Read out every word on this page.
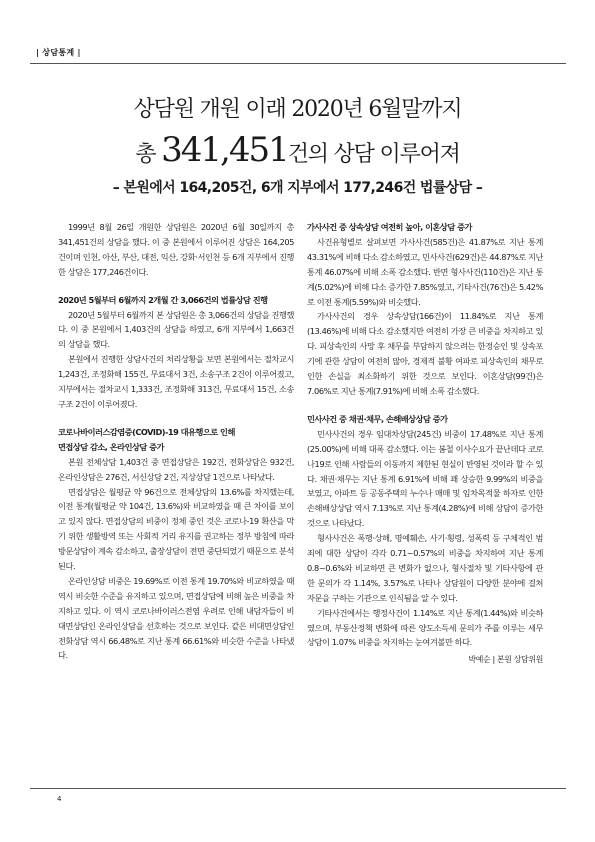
| 상담통계 |
상담원 개원 이래 2020년 6월말까지
총 341,451건의 상담 이루어져
– 본원에서 164,205건, 6개 지부에서 177,246건 법률상담 –

1999년 8월 26일 개원한 상담원은 2020년 6월 30일까지 총 341,451건의 상담을 했다. 이 중 본원에서 이루어진 상담은 164,205건이며 인천, 아산, 부산, 대전, 익산, 강화·서인천 등 6개 지부에서 진행한 상담은 177,246건이다.

2020년 5월부터 6월까지 2개월 간 3,066건의 법률상담 진행

2020년 5월부터 6월까지 본 상담원은 총 3,066건의 상담을 진행했다. 이 중 본원에서 1,403건의 상담을 하였고, 6개 지부에서 1,663건의 상담을 했다.

본원에서 진행한 상담사건의 처리상황을 보면 본원에서는 절차교시 1,243건, 조정화해 155건, 무료대서 3건, 소송구조 2건이 이루어졌고, 지부에서는 절차교시 1,333건, 조정화해 313건, 무료대서 15건, 소송구조 2건이 이루어졌다.

코로나바이러스감염증(COVID)-19 대유행으로 인해
면접상담 감소, 온라인상담 증가

본원 전체상담 1,403건 중 면접상담은 192건, 전화상담은 932건, 온라인상담은 276건, 서신상담 2건, 지상상담 1건으로 나타났다.

면접상담은 월평균 약 96건으로 전체상담의 13.6%를 차지했는데, 이전 통계(월평균 약 104건, 13.6%)와 비교하였을 때 큰 차이를 보이고 있지 않다. 면접상담의 비중이 정체 중인 것은 코로나-19 확산을 막기 위한 생활방역 또는 사회적 거리 유지를 권고하는 정부 방침에 따라 방문상담이 계속 감소하고, 출장상담이 전면 중단되었기 때문으로 분석된다.

온라인상담 비중은 19.69%로 이전 통계 19.70%와 비교하였을 때 역시 비슷한 수준을 유지하고 있으며, 면접상담에 비해 높은 비중을 차지하고 있다. 이 역시 코로나바이러스전염 우려로 인해 내담자들이 비대면상담인 온라인상담을 선호하는 것으로 보인다. 같은 비대면상담인 전화상담 역시 66.48%로 지난 통계 66.61%와 비슷한 수준을 나타냈다.

가사사건 중 상속상담 여전히 높아, 이혼상담 증가

사건유형별로 살펴보면 가사사건(585건)은 41.87%로 지난 통계 43.31%에 비해 다소 감소하였고, 민사사건(629건)은 44.87%로 지난 통계 46.07%에 비해 소폭 감소했다. 반면 형사사건(110건)은 지난 통계(5.02%)에 비해 다소 증가한 7.85%였고, 기타사건(76건)은 5.42%로 이전 통계(5.59%)와 비슷했다.

가사사건의 경우 상속상담(166건)이 11.84%로 지난 통계(13.46%)에 비해 다소 감소했지만 여전히 가장 큰 비중을 차지하고 있다. 피상속인의 사망 후 채무를 부담하지 않으려는 한정승인 및 상속포기에 관한 상담이 여전히 많아, 경제적 불황 여파로 피상속인의 채무로 인한 손실을 최소화하기 위한 것으로 보인다. 이혼상담(99건)은 7.06%로 지난 통계(7.91%)에 비해 소폭 감소했다.

민사사건 중 채권·채무, 손해배상상담 증가

민사사건의 경우 임대차상담(245건) 비중이 17.48%로 지난 통계(25.00%)에 비해 대폭 감소했다. 이는 봄철 이사수요가 끝난데다 코로나19로 인해 사람들의 이동까지 제한된 현실이 반영된 것이라 할 수 있다. 채권·채무는 지난 통계 6.91%에 비해 꽤 상승한 9.99%의 비중을 보였고, 아파트 등 공동주택의 누수나 매매 및 임차목적물 하자로 인한 손해배상상담 역시 7.13%로 지난 통계(4.28%)에 비해 상담이 증가한 것으로 나타났다.

형사사건은 폭행·상해, 명예훼손, 사기·횡령, 성폭력 등 구체적인 범죄에 대한 상담이 각각 0.71~0.57%의 비중을 차지하여 지난 통계 0.8~0.6%와 비교하면 큰 변화가 없으나, 형사절차 및 기타사항에 관한 문의가 각 1.14%, 3.57%로 나타나 상담원이 다양한 분야에 걸쳐 자문을 구하는 기관으로 인식됨을 알 수 있다.

기타사건에서는 행정사건이 1.14%로 지난 통계(1.44%)와 비슷하였으며, 부동산정책 변화에 따른 양도소득세 문의가 주를 이루는 세무 상담이 1.07% 비중을 차지하는 눈여겨볼만 하다.

박예순 | 본원 상담위원
4
